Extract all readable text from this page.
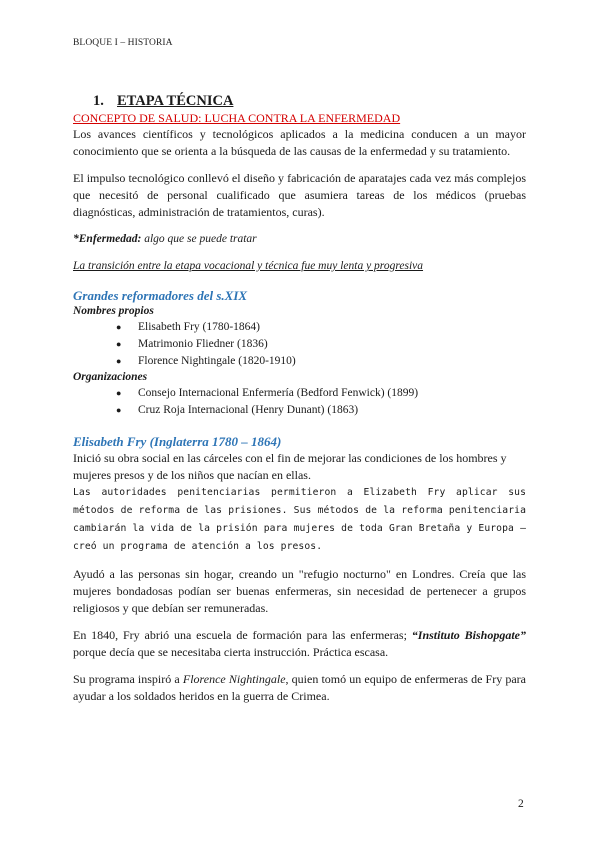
BLOQUE I – HISTORIA
1. ETAPA TÉCNICA

CONCEPTO DE SALUD: LUCHA CONTRA LA ENFERMEDAD

Los avances científicos y tecnológicos aplicados a la medicina conducen a un mayor conocimiento que se orienta a la búsqueda de las causas de la enfermedad y su tratamiento.

El impulso tecnológico conllevó el diseño y fabricación de aparatajes cada vez más complejos que necesitó de personal cualificado que asumiera tareas de los médicos (pruebas diagnósticas, administración de tratamientos, curas).

*Enfermedad: algo que se puede tratar

La transición entre la etapa vocacional y técnica fue muy lenta y progresiva

Grandes reformadores del s.XIX

Nombres propios

● Elisabeth Fry (1780-1864)
● Matrimonio Fliedner (1836)
● Florence Nightingale (1820-1910)

Organizaciones

● Consejo Internacional Enfermería (Bedford Fenwick) (1899)
● Cruz Roja Internacional (Henry Dunant) (1863)

Elisabeth Fry (Inglaterra 1780 – 1864)

Inició su obra social en las cárceles con el fin de mejorar las condiciones de los hombres y mujeres presos y de los niños que nacían en ellas.

Las autoridades penitenciarias permitieron a Elizabeth Fry aplicar sus métodos de reforma de las prisiones. Sus métodos de la reforma penitenciaria cambiarán la vida de la prisión para mujeres de toda Gran Bretaña y Europa – creó un programa de atención a los presos.

Ayudó a las personas sin hogar, creando un "refugio nocturno" en Londres. Creía que las mujeres bondadosas podían ser buenas enfermeras, sin necesidad de pertenecer a grupos religiosos y que debían ser remuneradas.

En 1840, Fry abrió una escuela de formación para las enfermeras; “Instituto Bishopgate” porque decía que se necesitaba cierta instrucción. Práctica escasa.

Su programa inspiró a Florence Nightingale, quien tomó un equipo de enfermeras de Fry para ayudar a los soldados heridos en la guerra de Crimea.

2
